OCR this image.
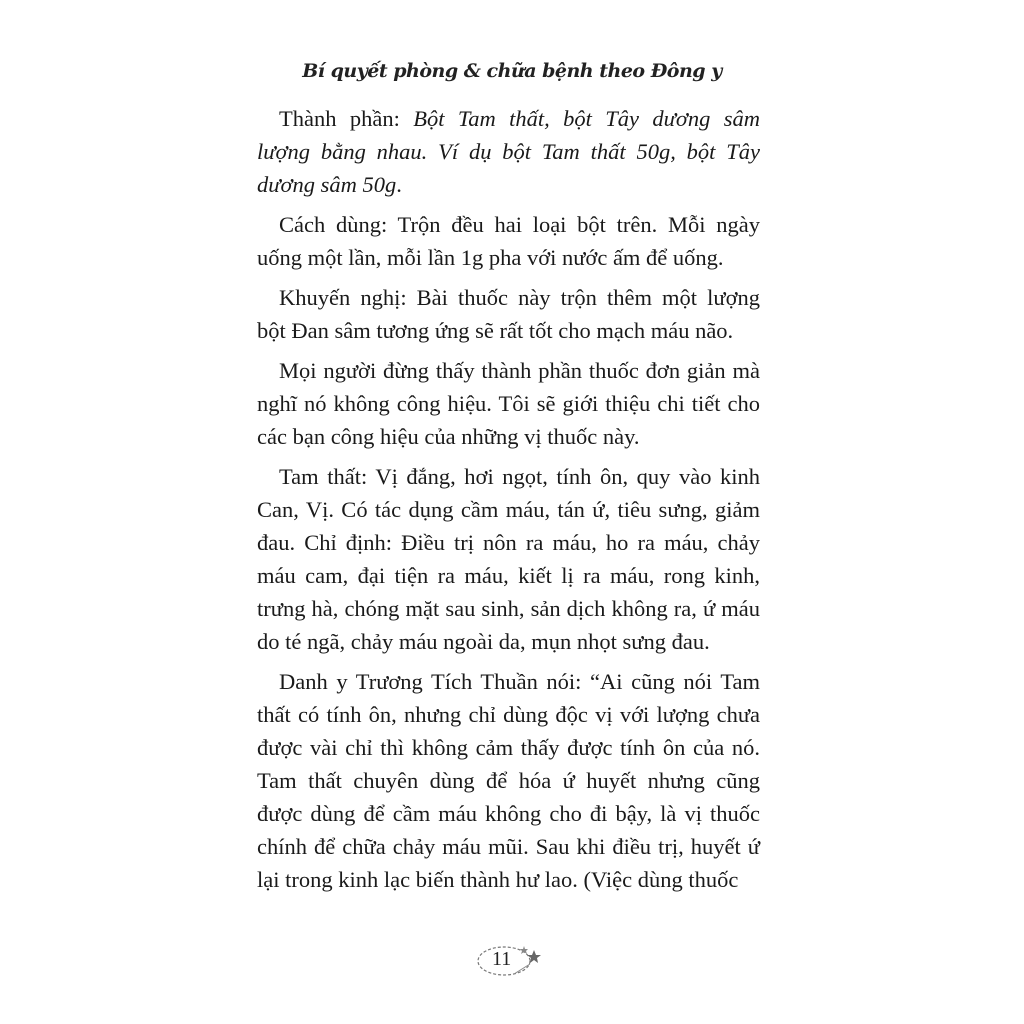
Bí quyết phòng & chữa bệnh theo Đông y
Thành phần: Bột Tam thất, bột Tây dương sâm
lượng bằng nhau. Ví dụ bột Tam thất 50g, bột Tây
dương sâm 50g.
Cách dùng: Trộn đều hai loại bột trên. Mỗi ngày
uống một lần, mỗi lần 1g pha với nước ấm để uống.
Khuyến nghị: Bài thuốc này trộn thêm một lượng
bột Đan sâm tương ứng sẽ rất tốt cho mạch máu não.
Mọi người đừng thấy thành phần thuốc đơn giản mà
nghĩ nó không công hiệu. Tôi sẽ giới thiệu chi tiết cho
các bạn công hiệu của những vị thuốc này.
Tam thất: Vị đắng, hơi ngọt, tính ôn, quy vào kinh
Can, Vị. Có tác dụng cầm máu, tán ứ, tiêu sưng, giảm
đau. Chỉ định: Điều trị nôn ra máu, ho ra máu, chảy
máu cam, đại tiện ra máu, kiết lị ra máu, rong kinh,
trưng hà, chóng mặt sau sinh, sản dịch không ra, ứ máu
do té ngã, chảy máu ngoài da, mụn nhọt sưng đau.
Danh y Trương Tích Thuần nói: “Ai cũng nói Tam
thất có tính ôn, nhưng chỉ dùng độc vị với lượng chưa
được vài chỉ thì không cảm thấy được tính ôn của nó.
Tam thất chuyên dùng để hóa ứ huyết nhưng cũng
được dùng để cầm máu không cho đi bậy, là vị thuốc
chính để chữa chảy máu mũi. Sau khi điều trị, huyết ứ
lại trong kinh lạc biến thành hư lao. (Việc dùng thuốc
11
